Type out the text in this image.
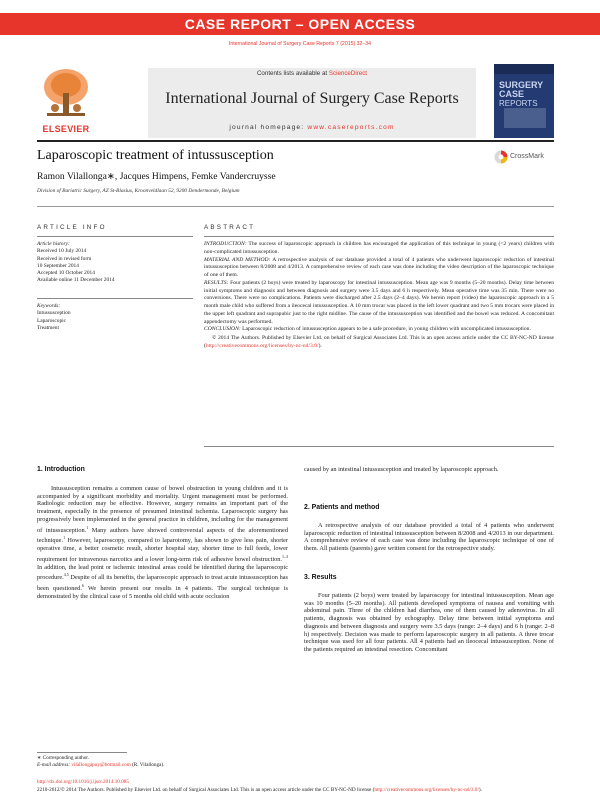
CASE REPORT – OPEN ACCESS
International Journal of Surgery Case Reports 7 (2015) 32–34
ELSEVIER
Contents lists available at ScienceDirect
International Journal of Surgery Case Reports
journal homepage: www.casereports.com
SURGERY
CASE
REPORTS
Laparoscopic treatment of intussusception	CrossMark
Ramon Vilallonga∗, Jacques Himpens, Femke Vandercruysse
Division of Bariatric Surgery, AZ St-Blasius, Kroonveldlaan 52, 9200 Dendermonde, Belgium
ARTICLE INFO	ABSTRACT
Article history:
Received 10 July 2014
Received in revised form
10 September 2014
Accepted 10 October 2014
Available online 11 December 2014
Keywords:
Intussusception
Laparoscopic
Treatment

INTRODUCTION: The success of laparoscopic approach in children has encouraged the application of this technique in young (<2 years) children with non-complicated intussusception.

MATERIAL AND METHOD: A retrospective analysis of our database provided a total of 4 patients who underwent laparoscopic reduction of intestinal intussusception between 8/2008 and 4/2013. A comprehensive review of each case was done including the video description of the laparoscopic technique of one of them.

RESULTS: Four patients (2 boys) were treated by laparoscopy for intestinal intussusception. Mean age was 9 months (5–20 months). Delay time between initial symptoms and diagnosis and between diagnosis and surgery were 3.5 days and 6 h respectively. Mean operative time was 35 min. There were no conversions. There were no complications. Patients were discharged after 2.5 days (2–4 days). We herein report (video) the laparoscopic approach in a 5 month male child who suffered from a ileocecal intussusception. A 10 mm trocar was placed in the left lower quadrant and two 5 mm trocars were placed in the upper left quadrant and suprapubic just to the right midline. The cause of the intussusception was identified and the bowel was reduced. A concomitant appendectomy was performed.

CONCLUSION: Laparoscopic reduction of intussusception appears to be a safe procedure, in young children with uncomplicated intussusception.

© 2014 The Authors. Published by Elsevier Ltd. on behalf of Surgical Associates Ltd. This is an open access article under the CC BY-NC-ND license (http://creativecommons.org/licenses/by-nc-nd/3.0/).

1. Introduction

Intussusception remains a common cause of bowel obstruction in young children and it is accompanied by a significant morbidity and mortality. Urgent management must be performed. Radiologic reduction may be effective. However, surgery remains an important part of the treatment, especially in the presence of presumed intestinal ischemia. Laparoscopic surgery has progressively been implemented in the general practice in children, including for the management of intussusception.$^1$ Many authors have showed controversial aspects of the aforementioned technique.$^1$ However, laparoscopy, compared to laparotomy, has shown to give less pain, shorter operative time, a better cosmetic result, shorter hospital stay, shorter time to full feeds, lower requirement for intravenous narcotics and a lower long-term risk of adhesive bowel obstruction.$^{1-3}$ In addition, the lead point or ischemic intestinal areas could be identified during the laparoscopic procedure.$^{4,5}$ Despite of all its benefits, the laparoscopic approach to treat acute intussusception has been questioned.$^6$ We herein present our results in 4 patients. The surgical technique is demonstrated by the clinical case of 5 months old child with acute occlusion

caused by an intestinal intussusception and treated by laparoscopic approach.

2. Patients and method

A retrospective analysis of our database provided a total of 4 patients who underwent laparoscopic reduction of intestinal intussusception between 8/2008 and 4/2013 in our department. A comprehensive review of each case was done including the laparoscopic technique of one of them. All patients (parents) gave written consent for the retrospective study.

3. Results

Four patients (2 boys) were treated by laparoscopy for intestinal intussusception. Mean age was 10 months (5–20 months). All patients developed symptoms of nausea and vomiting with abdominal pain. Three of the children had diarrhea, one of them caused by adenovirus. In all patients, diagnosis was obtained by echography. Delay time between initial symptoms and diagnosis and between diagnosis and surgery were 3.5 days (range: 2–4 days) and 6 h (range: 2–8 h) respectively. Decision was made to perform laparoscopic surgery in all patients. A three trocar technique was used for all four patients. All 4 patients had an ileocecal intussusception. None of the patients required an intestinal resection. Concomitant

∗ Corresponding author.
E-mail address: vilallongapuy@hotmail.com (R. Vilallonga).
http://dx.doi.org/10.1016/j.ijscr.2014.10.085
2210-2612/© 2014 The Authors. Published by Elsevier Ltd. on behalf of Surgical Associates Ltd. This is an open access article under the CC BY-NC-ND license (http://creativecommons.org/licenses/by-nc-nd/3.0/).
